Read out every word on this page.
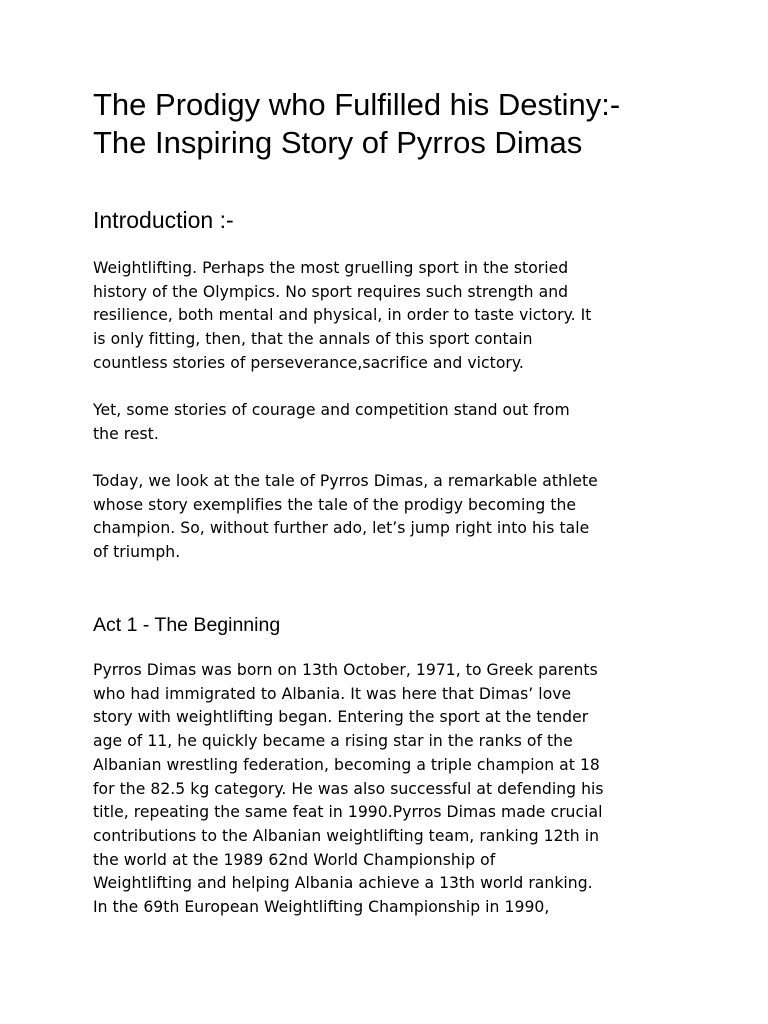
The Prodigy who Fulfilled his Destiny:-
The Inspiring Story of Pyrros Dimas
Introduction :-

Weightlifting. Perhaps the most gruelling sport in the storied
history of the Olympics. No sport requires such strength and
resilience, both mental and physical, in order to taste victory. It
is only fitting, then, that the annals of this sport contain
countless stories of perseverance,sacrifice and victory.

Yet, some stories of courage and competition stand out from
the rest.

Today, we look at the tale of Pyrros Dimas, a remarkable athlete
whose story exemplifies the tale of the prodigy becoming the
champion. So, without further ado, let’s jump right into his tale
of triumph.

Act 1 - The Beginning

Pyrros Dimas was born on 13th October, 1971, to Greek parents
who had immigrated to Albania. It was here that Dimas’ love
story with weightlifting began. Entering the sport at the tender
age of 11, he quickly became a rising star in the ranks of the
Albanian wrestling federation, becoming a triple champion at 18
for the 82.5 kg category. He was also successful at defending his
title, repeating the same feat in 1990.Pyrros Dimas made crucial
contributions to the Albanian weightlifting team, ranking 12th in
the world at the 1989 62nd World Championship of
Weightlifting and helping Albania achieve a 13th world ranking.
In the 69th European Weightlifting Championship in 1990,
